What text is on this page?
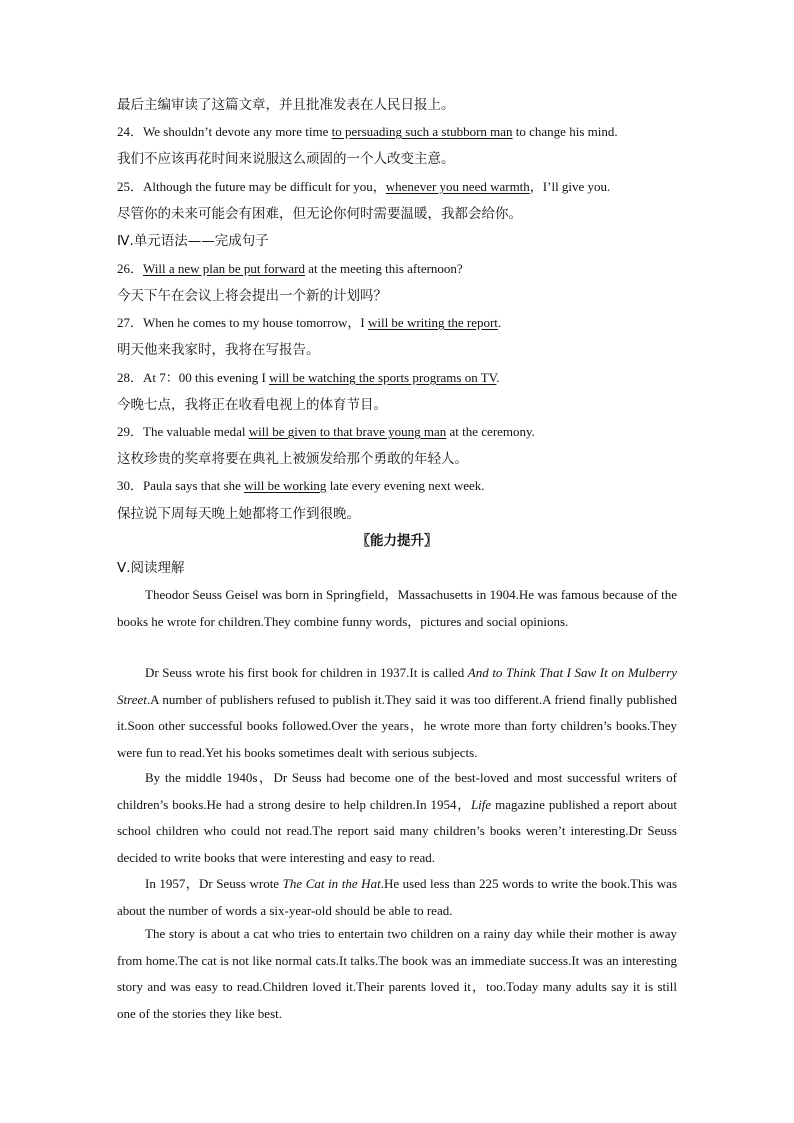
最后主编审读了这篇文章，并且批准发表在人民日报上。
24．We shouldn’t devote any more time to persuading such a stubborn man to change his mind.
我们不应该再花时间来说服这么顽固的一个人改变主意。
25．Although the future may be difficult for you，whenever you need warmth，I’ll give you.
尽管你的未来可能会有困难，但无论你何时需要温暖，我都会给你。
Ⅳ.单元语法——完成句子
26．Will a new plan be put forward at the meeting this afternoon?
今天下午在会议上将会提出一个新的计划吗？
27．When he comes to my house tomorrow，I will be writing the report.
明天他来我家时，我将在写报告。
28．At 7：00 this evening I will be watching the sports programs on TV.
今晚七点，我将正在收看电视上的体育节目。
29．The valuable medal will be given to that brave young man at the ceremony.
这枚珍贵的奖章将要在典礼上被颁发给那个勇敢的年轻人。
30．Paula says that she will be working late every evening next week.
保拉说下周每天晚上她都将工作到很晚。
〖能力提升〗
Ⅴ.阅读理解
Theodor Seuss Geisel was born in Springfield，Massachusetts in 1904.He was famous because of the books he wrote for children.They combine funny words，pictures and social opinions.
Dr Seuss wrote his first book for children in 1937.It is called And to Think That I Saw It on Mulberry Street.A number of publishers refused to publish it.They said it was too different.A friend finally published it.Soon other successful books followed.Over the years，he wrote more than forty children’s books.They were fun to read.Yet his books sometimes dealt with serious subjects.
By the middle 1940s，Dr Seuss had become one of the best-loved and most successful writers of children’s books.He had a strong desire to help children.In 1954，Life magazine published a report about school children who could not read.The report said many children’s books weren’t interesting.Dr Seuss decided to write books that were interesting and easy to read.
In 1957，Dr Seuss wrote The Cat in the Hat.He used less than 225 words to write the book.This was about the number of words a six-year-old should be able to read.
The story is about a cat who tries to entertain two children on a rainy day while their mother is away from home.The cat is not like normal cats.It talks.The book was an immediate success.It was an interesting story and was easy to read.Children loved it.Their parents loved it，too.Today many adults say it is still one of the stories they like best.
